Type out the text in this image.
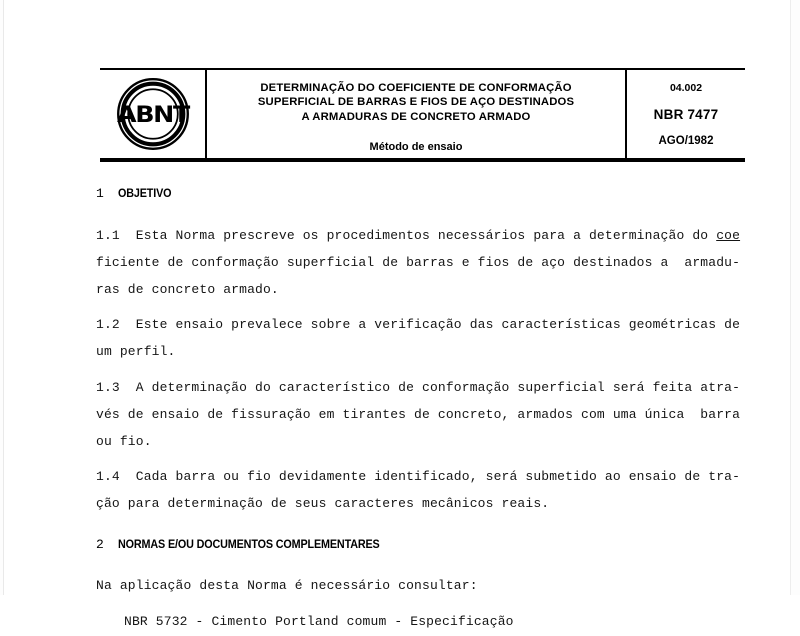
ABNT
DETERMINAÇÃO DO COEFICIENTE DE CONFORMAÇÃO
SUPERFICIAL DE BARRAS E FIOS DE AÇO DESTINADOS
A ARMADURAS DE CONCRETO ARMADO
Método de ensaio
04.002
NBR 7477
AGO/1982
1	OBJETIVO
1.1  Esta Norma prescreve os procedimentos necessários para a determinação do coe
ficiente de conformação superficial de barras e fios de aço destinados a  armadu-
ras de concreto armado.
1.2  Este ensaio prevalece sobre a verificação das características geométricas de
um perfil.
1.3  A determinação do característico de conformação superficial será feita atra-
vés de ensaio de fissuração em tirantes de concreto, armados com uma única  barra
ou fio.
1.4  Cada barra ou fio devidamente identificado, será submetido ao ensaio de tra-
ção para determinação de seus caracteres mecânicos reais.
2	NORMAS E/OU DOCUMENTOS COMPLEMENTARES
Na aplicação desta Norma é necessário consultar:
NBR 5732 - Cimento Portland comum - Especificação
